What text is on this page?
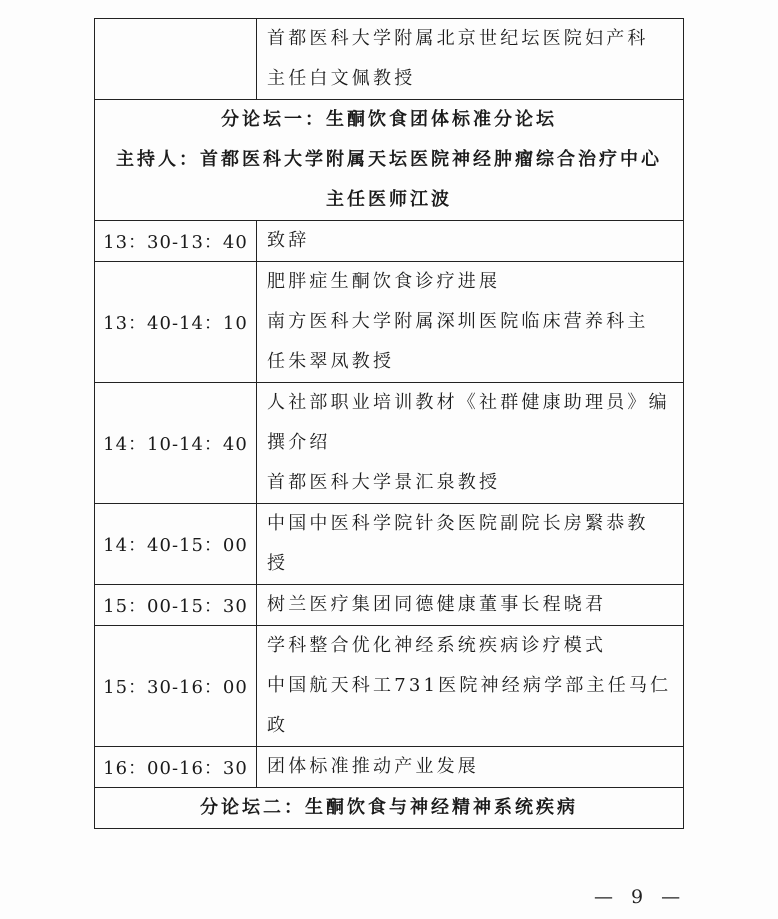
	首都医科大学附属北京世纪坛医院妇产科
主任白文佩教授

分论坛一：生酮饮食团体标准分论坛
主持人：首都医科大学附属天坛医院神经肿瘤综合治疗中心
主任医师江波	

13：30-13：40	致辞

13：40-14：10	肥胖症生酮饮食诊疗进展
南方医科大学附属深圳医院临床营养科主
任朱翠凤教授

14：10-14：40	人社部职业培训教材《社群健康助理员》编
撰介绍
首都医科大学景汇泉教授

14：40-15：00	中国中医科学院针灸医院副院长房繄恭教
授

15：00-15：30	树兰医疗集团同德健康董事长程晓君

15：30-16：00	学科整合优化神经系统疾病诊疗模式
中国航天科工731医院神经病学部主任马仁
政

16：00-16：30	团体标准推动产业发展

分论坛二：生酮饮食与神经精神系统疾病	
— 9 —
